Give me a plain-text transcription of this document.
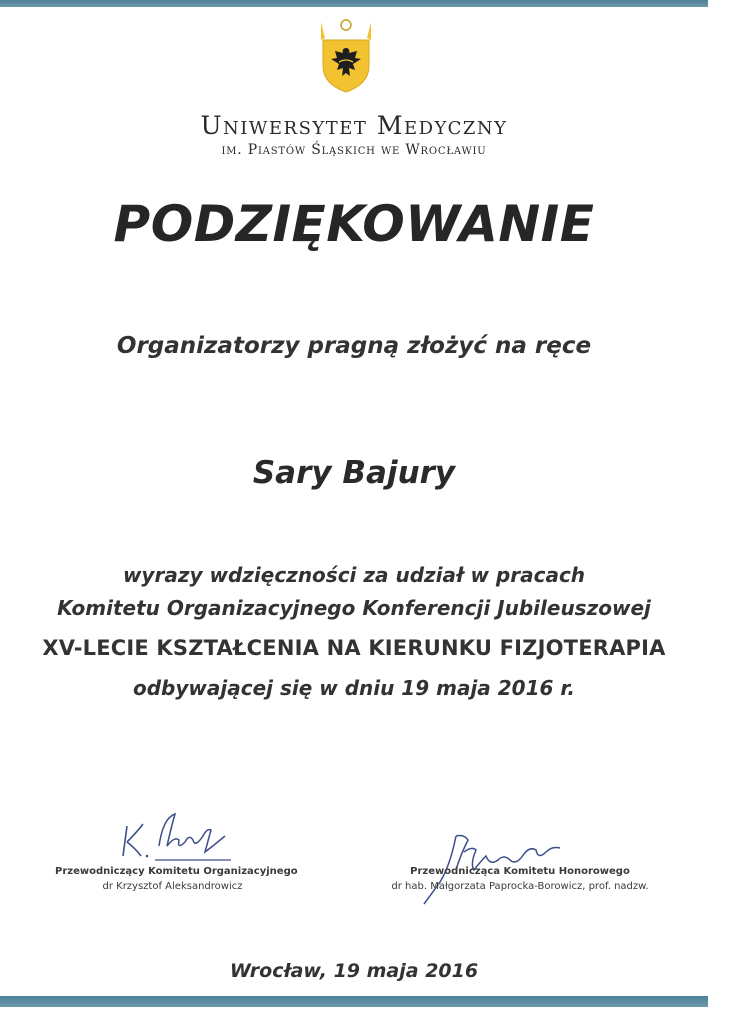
Uniwersytet Medyczny
im. Piastów Śląskich we Wrocławiu
PODZIĘKOWANIE
Organizatorzy pragną złożyć na ręce
Sary Bajury
wyrazy wdzięczności za udział w pracach
Komitetu Organizacyjnego Konferencji Jubileuszowej
XV-LECIE KSZTAŁCENIA NA KIERUNKU FIZJOTERAPIA
odbywającej się w dniu 19 maja 2016 r.
Przewodniczący Komitetu Organizacyjnego
dr Krzysztof Aleksandrowicz
Przewodnicząca Komitetu Honorowego
dr hab. Małgorzata Paprocka-Borowicz, prof. nadzw.
Wrocław, 19 maja 2016
